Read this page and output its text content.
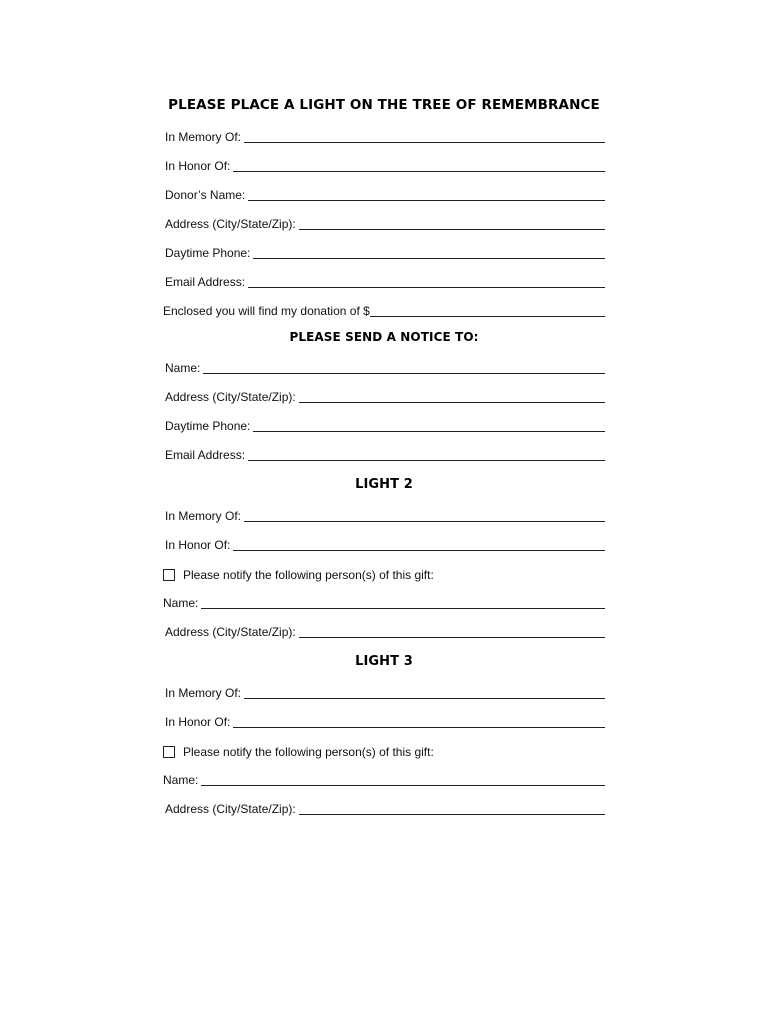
PLEASE PLACE A LIGHT ON THE TREE OF REMEMBRANCE
In Memory Of:
In Honor Of:
Donor’s Name:
Address (City/State/Zip):
Daytime Phone:
Email Address:
Enclosed you will find my donation of $
PLEASE SEND A NOTICE TO:
Name:
Address (City/State/Zip):
Daytime Phone:
Email Address:
LIGHT 2
In Memory Of:
In Honor Of:
Please notify the following person(s) of this gift:
Name:
Address (City/State/Zip):
LIGHT 3
In Memory Of:
In Honor Of:
Please notify the following person(s) of this gift:
Name:
Address (City/State/Zip):
